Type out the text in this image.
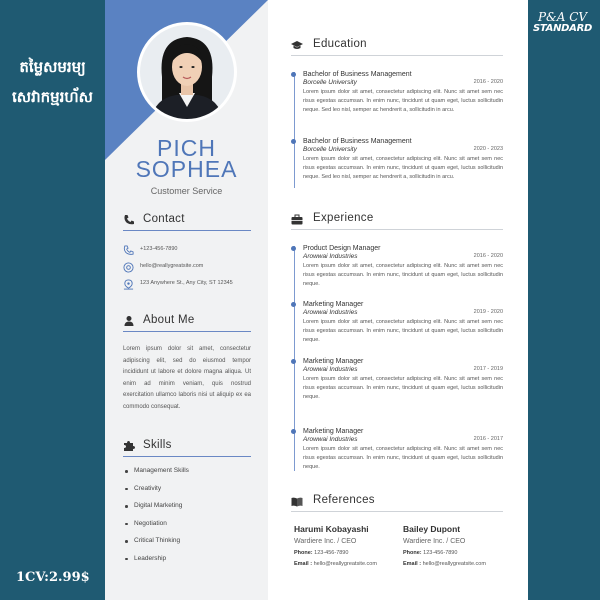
តម្លៃសមរម្យ
សេវាកម្មរហ័ស
1CV:2.99$
P&A CV
STANDARD
PICH
SOPHEA
Customer Service
Contact
+123-456-7890
hello@reallygreatsite.com
123 Anywhere St., Any City, ST 12345
About Me

Lorem ipsum dolor sit amet, consectetur adipiscing elit, sed do eiusmod tempor incididunt ut labore et dolore magna aliqua. Ut enim ad minim veniam, quis nostrud exercitation ullamco laboris nisi ut aliquip ex ea commodo consequat.

Skills
Management Skills
Creativity
Digital Marketing
Negotiation
Critical Thinking
Leadership
Education
Bachelor of Business Management
Borcelle University	2016 - 2020
Lorem ipsum dolor sit amet, consectetur adipiscing elit. Nunc sit amet sem nec risus egestas accumsan. In enim nunc, tincidunt ut quam eget, luctus sollicitudin neque. Sed leo nisl, semper ac hendrerit a, sollicitudin in arcu.
Bachelor of Business Management
Borcelle University	2020 - 2023
Lorem ipsum dolor sit amet, consectetur adipiscing elit. Nunc sit amet sem nec risus egestas accumsan. In enim nunc, tincidunt ut quam eget, luctus sollicitudin neque. Sed leo nisl, semper ac hendrerit a, sollicitudin in arcu.
Experience
Product Design Manager
Arowwai Industries	2016 - 2020
Lorem ipsum dolor sit amet, consectetur adipiscing elit. Nunc sit amet sem nec risus egestas accumsan. In enim nunc, tincidunt ut quam eget, luctus sollicitudin neque.
Marketing Manager
Arowwai Industries	2019 - 2020
Lorem ipsum dolor sit amet, consectetur adipiscing elit. Nunc sit amet sem nec risus egestas accumsan. In enim nunc, tincidunt ut quam eget, luctus sollicitudin neque.
Marketing Manager
Arowwai Industries	2017 - 2019
Lorem ipsum dolor sit amet, consectetur adipiscing elit. Nunc sit amet sem nec risus egestas accumsan. In enim nunc, tincidunt ut quam eget, luctus sollicitudin neque.
Marketing Manager
Arowwai Industries	2016 - 2017
Lorem ipsum dolor sit amet, consectetur adipiscing elit. Nunc sit amet sem nec risus egestas accumsan. In enim nunc, tincidunt ut quam eget, luctus sollicitudin neque.
References
Harumi Kobayashi
Wardiere Inc. / CEO
Phone: 123-456-7890
Email : hello@reallygreatsite.com
Bailey Dupont
Wardiere Inc. / CEO
Phone: 123-456-7890
Email : hello@reallygreatsite.com
